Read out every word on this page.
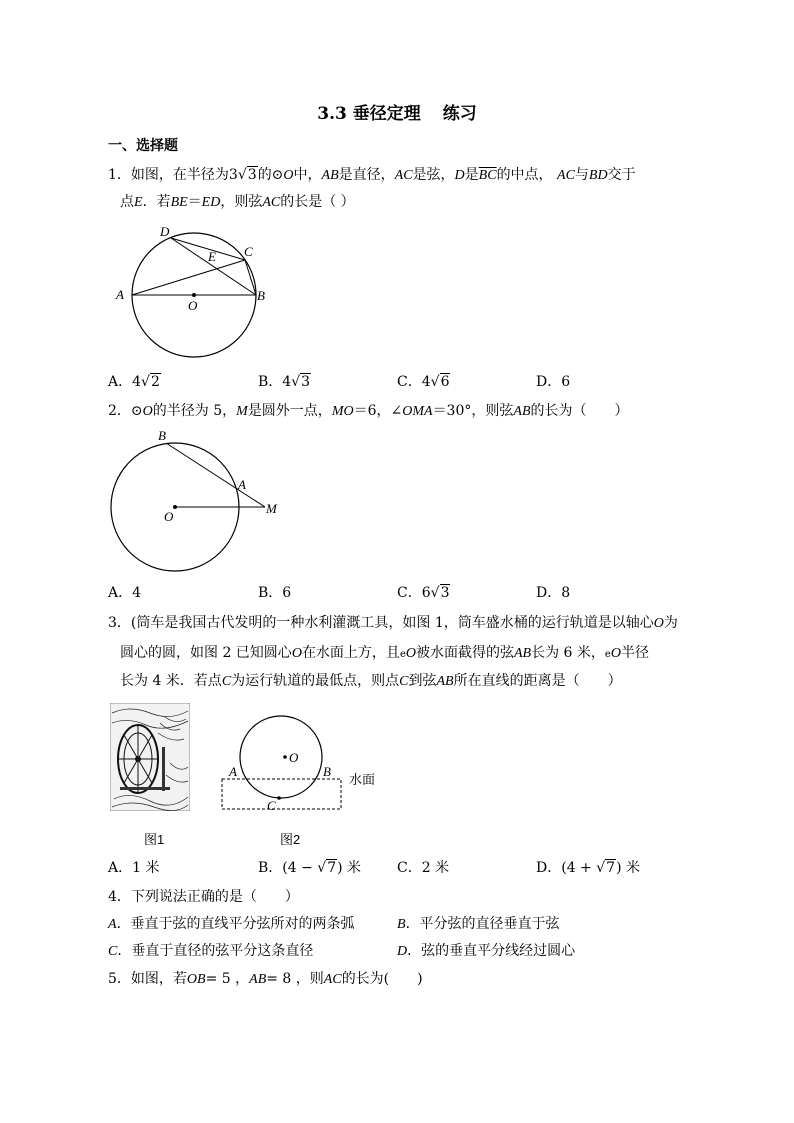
3.3 垂径定理 练习
一、选择题
1．如图，在半径为3√3的⊙O中，AB是直径，AC是弦，D是$\overline{BC}$的中点， AC与BD交于
点E．若BE＝ED，则弦AC的长是（ ）
A	B
C
D
E
O
A．4√2	B．4√3	C．4√6	D．6
2．⊙O的半径为 5，M是圆外一点，MO＝6，∠OMA＝30°，则弦AB的长为（　　）
B
A
O
M
A．4	B．6	C．6√3	D．8
3．(筒车是我国古代发明的一种水利灌溉工具，如图 1，筒车盛水桶的运行轨道是以轴心O为
圆心的圆，如图 2 已知圆心O在水面上方，且eO被水面截得的弦AB长为 6 米，eO半径
长为 4 米．若点C为运行轨道的最低点，则点C到弦AB所在直线的距离是（　　）
图1
O
A	B
C
水面
图2
A．1 米	B．(4 − √7) 米	C．2 米	D．(4 + √7) 米
4．下列说法正确的是（　　）
A．垂直于弦的直线平分弦所对的两条弧	B．平分弦的直径垂直于弦
C．垂直于直径的弦平分这条直径	D．弦的垂直平分线经过圆心
5．如图，若OB= 5 ，AB= 8 ，则AC的长为(　　)
